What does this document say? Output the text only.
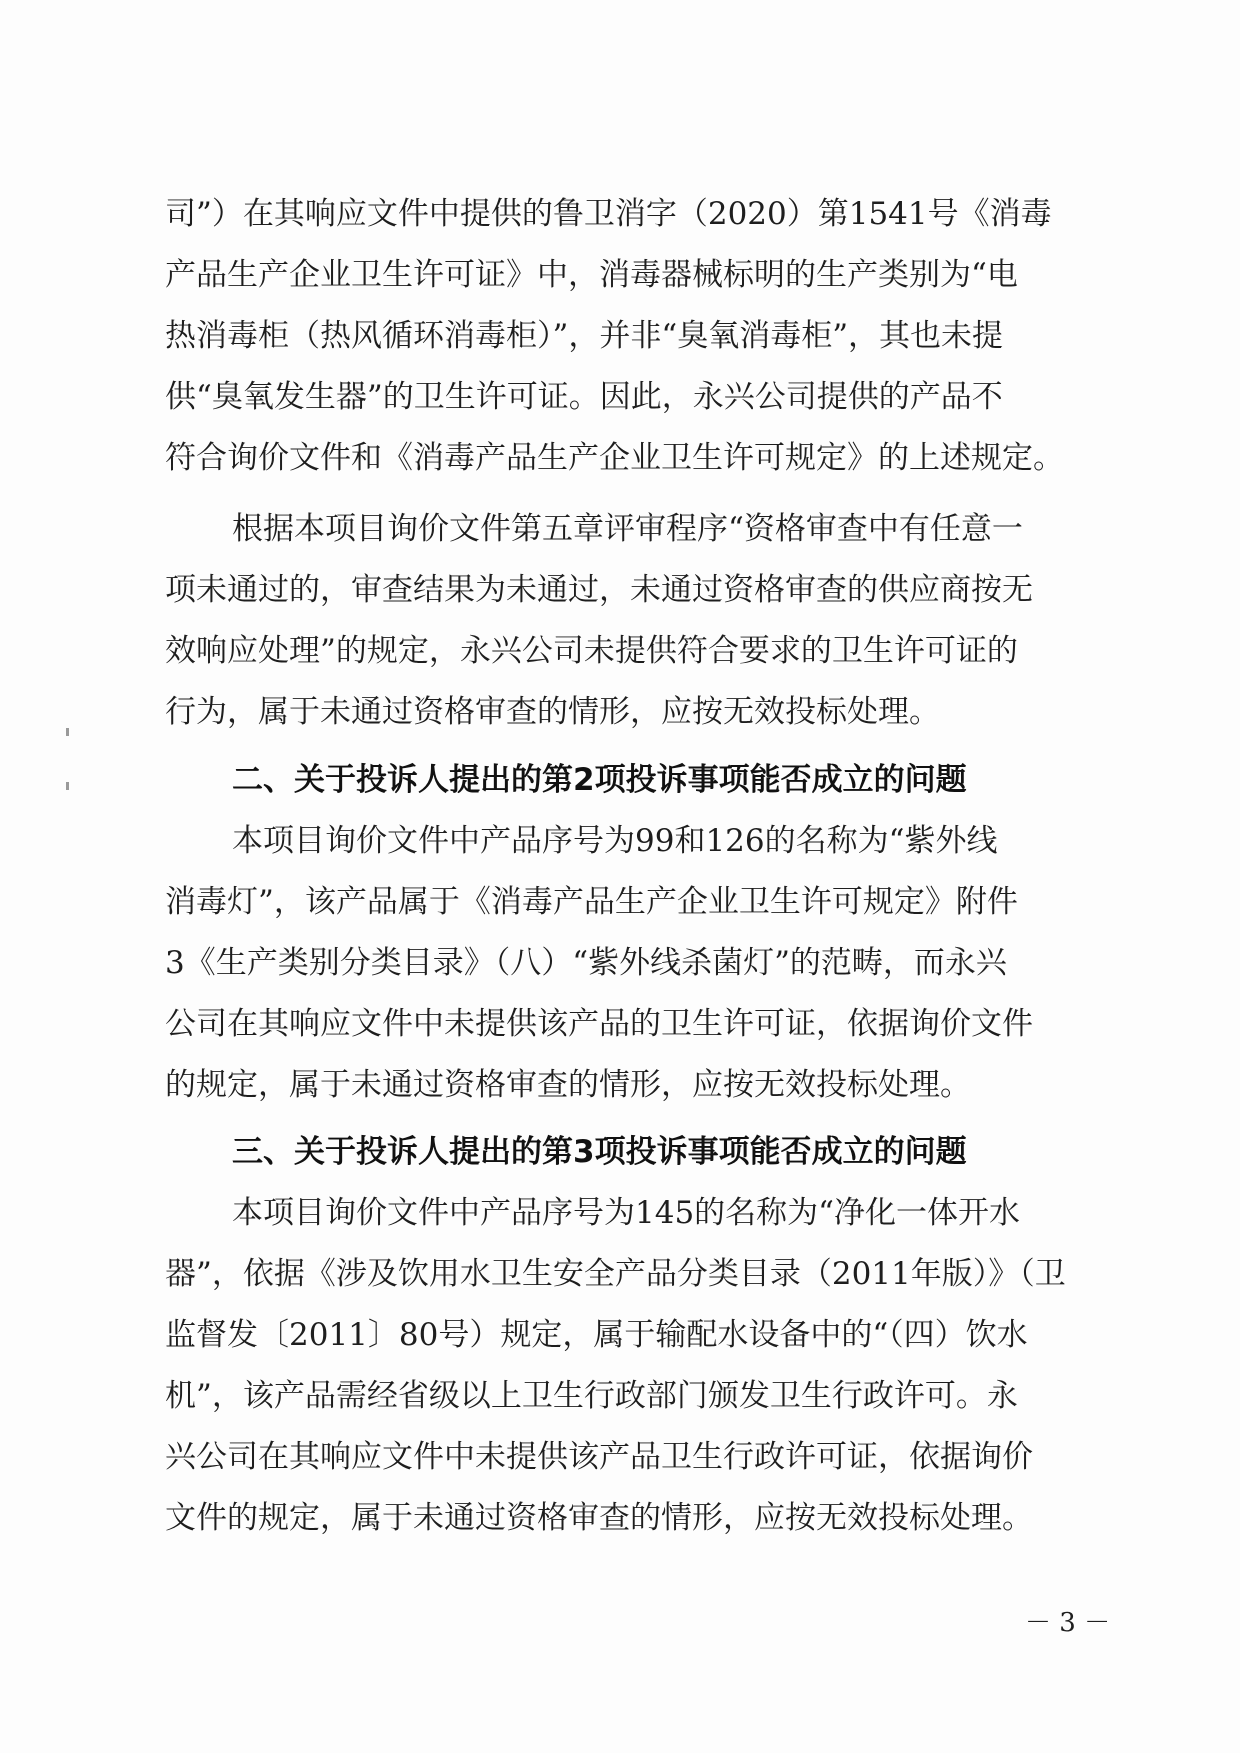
司”）在其响应文件中提供的鲁卫消字（2020）第1541号《消毒
产品生产企业卫生许可证》中，消毒器械标明的生产类别为“电
热消毒柜（热风循环消毒柜）”，并非“臭氧消毒柜”，其也未提
供“臭氧发生器”的卫生许可证。因此，永兴公司提供的产品不
符合询价文件和《消毒产品生产企业卫生许可规定》的上述规定。
根据本项目询价文件第五章评审程序“资格审查中有任意一
项未通过的，审查结果为未通过，未通过资格审查的供应商按无
效响应处理”的规定，永兴公司未提供符合要求的卫生许可证的
行为，属于未通过资格审查的情形，应按无效投标处理。
二、关于投诉人提出的第2项投诉事项能否成立的问题
本项目询价文件中产品序号为99和126的名称为“紫外线
消毒灯”，该产品属于《消毒产品生产企业卫生许可规定》附件
3《生产类别分类目录》（八）“紫外线杀菌灯”的范畴，而永兴
公司在其响应文件中未提供该产品的卫生许可证，依据询价文件
的规定，属于未通过资格审查的情形，应按无效投标处理。
三、关于投诉人提出的第3项投诉事项能否成立的问题
本项目询价文件中产品序号为145的名称为“净化一体开水
器”，依据《涉及饮用水卫生安全产品分类目录（2011年版）》（卫
监督发〔2011〕80号）规定，属于输配水设备中的“（四）饮水
机”，该产品需经省级以上卫生行政部门颁发卫生行政许可。永
兴公司在其响应文件中未提供该产品卫生行政许可证，依据询价
文件的规定，属于未通过资格审查的情形，应按无效投标处理。
－ 3 －
